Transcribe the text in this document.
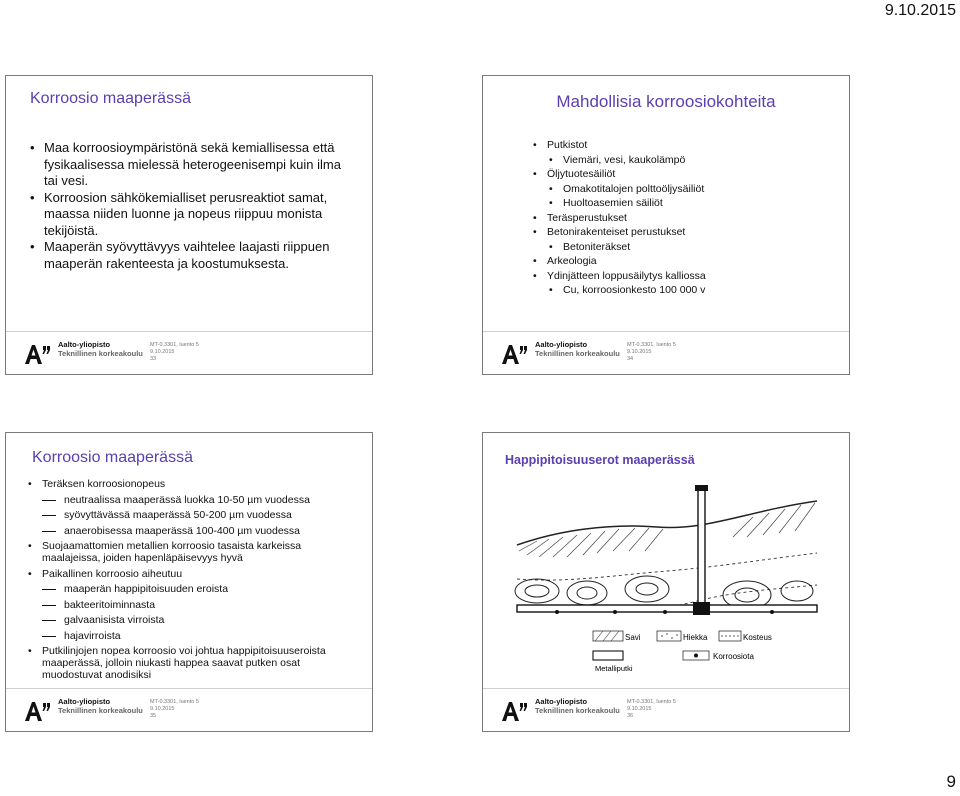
9.10.2015
Korroosio maaperässä
• Maa korroosioympäristönä sekä kemiallisessa että fysikaalisessa mielessä heterogeenisempi kuin ilma tai vesi.
• Korroosion sähkökemialliset perusreaktiot samat, maassa niiden luonne ja nopeus riippuu monista tekijöistä.
• Maaperän syövyttävyys vaihtelee laajasti riippuen maaperän rakenteesta ja koostumuksesta.
Aalto-yliopisto
Teknillinen korkeakoulu
MT-0.3301, luento 5
9.10.2015
33
Mahdollisia korroosiokohteita
• Putkistot
• Viemäri, vesi, kaukolämpö
• Öljytuotesäiliöt
• Omakotitalojen polttoöljysäiliöt
• Huoltoasemien säiliöt
• Teräsperustukset
• Betonirakenteiset perustukset
• Betoniteräkset
• Arkeologia
• Ydinjätteen loppusäilytys kalliossa
• Cu, korroosionkesto 100 000 v
Aalto-yliopisto
Teknillinen korkeakoulu
MT-0.3301, luento 5
9.10.2015
34
Korroosio maaperässä
• Teräksen korroosionopeus
neutraalissa maaperässä luokka 10-50 µm vuodessa
syövyttävässä maaperässä 50-200 µm vuodessa
anaerobisessa maaperässä 100-400 µm vuodessa
• Suojaamattomien metallien korroosio tasaista karkeissa maalajeissa, joiden hapenläpäisevyys hyvä
• Paikallinen korroosio aiheutuu
maaperän happipitoisuuden eroista
bakteeritoiminnasta
galvaanisista virroista
hajavirroista
• Putkilinjojen nopea korroosio voi johtua happipitoisuuseroista maaperässä, jolloin niukasti happea saavat putken osat muodostuvat anodisiksi
Aalto-yliopisto
Teknillinen korkeakoulu
MT-0.3301, luento 5
9.10.2015
35
Happipitoisuuserot maaperässä
Savi	Hiekka	Kosteus
Metalliputki
Korroosiota
Aalto-yliopisto
Teknillinen korkeakoulu
MT-0.3301, luento 5
9.10.2015
36
9
